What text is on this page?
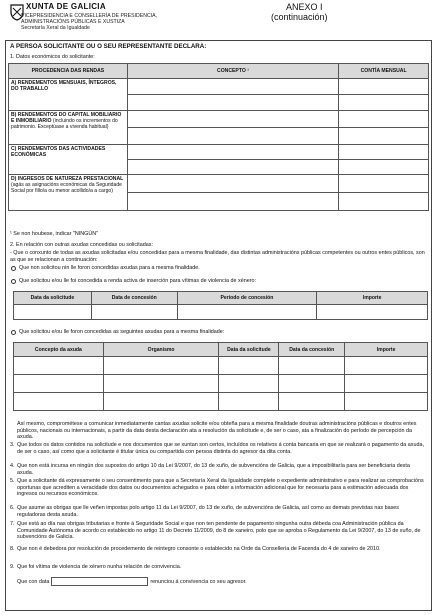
XUNTA DE GALICIA
VICEPRESIDENCIA E CONSELLERÍA DE PRESIDENCIA,
ADMINISTRACIÓNS PÚBLICAS E XUSTIZA
Secretaría Xeral da Igualdade
ANEXO I
(continuación)
A PERSOA SOLICITANTE OU O SEU REPRESENTANTE DECLARA:
1. Datos económicos do solicitante:
PROCEDENCIA DAS RENDAS	CONCEPTO ¹	CONTÍA MENSUAL
A) RENDEMENTOS MENSUAIS, ÍNTEGROS, DO TRABALLO		

B) RENDEMENTOS DO CAPITAL MOBILIARIO E INMOBILIARIO (incluindo os incrementos do patrimonio. Exceptúase a vivenda habitual)		

C) RENDEMENTOS DAS ACTIVIDADES ECONÓMICAS		

D) INGRESOS DE NATUREZA PRESTACIONAL (agás as asignacións económicas da Seguridade Social por fillo/a ou menor acollido/a a cargo)		

¹ Se non houbese, indicar "NINGÚN"
2. En relación con outras axudas concedidas ou solicitadas:
- Que o conxunto de todas as axudas solicitadas e/ou concedidas para a mesma finalidade, das distintas administracións públicas competentes ou outros entes públicos, son as que se relacionan a continuación:
Que non solicitou nin lle foron concedidas axudas para a mesma finalidade.
Que solicitou e/ou lle foi concedida a renda activa de inserción para vítimas de violencia de xénero:
Data da solicitude	Data de concesión	Período de concesión	Importe

Que solicitou e/ou lle foron concedidas as seguintes axudas para a mesma finalidade:
Concepto da axuda	Organismo	Data da solicitude	Data da concesión	Importe

Así mesmo, comprométese a comunicar inmediatamente cantas axudas solicite e/ou obteña para a mesma finalidade doutras administracións públicas e doutros entes públicos, nacionais ou internacionais, a partir da data desta declaración ata a resolución da solicitude e, de ser o caso, ata a finalización do período de percepción da axuda.
3. Que todos os datos contidos na solicitude e nos documentos que se xuntan son certos, incluídos os relativos á conta bancaria en que se realizará o pagamento da axuda, de ser o caso, así como que a solicitante é titular única ou compartida con persoa distinta do agresor da dita conta.
4. Que non está incursa en ningún dos supostos do artigo 10 da Lei 9/2007, do 13 de xuño, de subvencións de Galicia, que a imposibilitaría para ser beneficiaria desta axuda.
5. Que a solicitante dá expresamente o seu consentimento para que a Secretaría Xeral da Igualdade complete o expediente administrativo e para realizar as comprobacións oportunas que acrediten a veracidade dos datos ou documentos achegados e para obter a información adicional que for necesaria para a estimación adecuada dos ingresos ou recursos económicos.
6. Que asume as obrigas que lle veñen impostas polo artigo 11 da Lei 9/2007, do 13 de xuño, de subvencións de Galicia, así como as demais previstas nas bases reguladoras desta axuda.
7. Que está ao día nas obrigas tributarias e fronte á Seguridade Social e que non ten pendente de pagamento ningunha outra débeda coa Administración pública da Comunidade Autónoma de acordo co establecido no artigo 11 do Decreto 11/2009, do 8 de xaneiro, polo que se aproba o Regulamento da Lei 9/2007, do 13 de xuño, de subvencións de Galicia.
8. Que non é debedora por resolución de procedemento de reintegro consonte o establecido na Orde da Consellería de Facenda do 4 de xaneiro de 2010.
9. Que foi vítima de violencia de xénero nunha relación de convivencia.
Que con data	renunciou á convivencia co seu agresor.
